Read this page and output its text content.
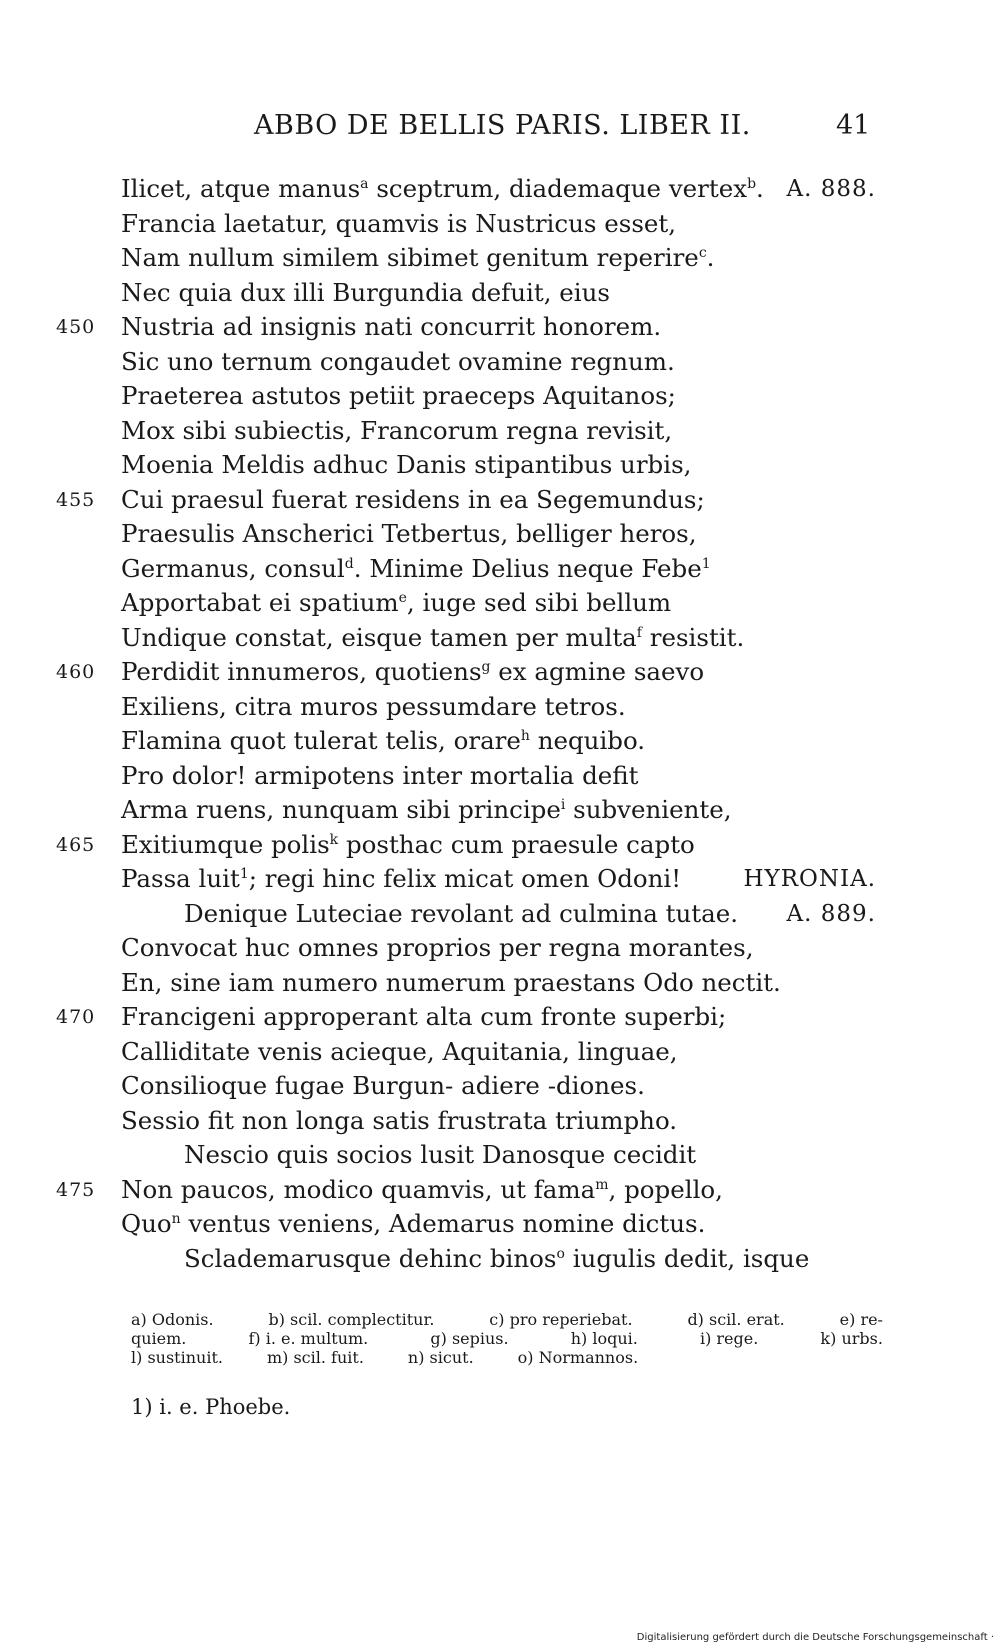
ABBO DE BELLIS PARIS. LIBER II.	41
Ilicet, atque manus$^a$ sceptrum, diademaque vertex$^b$. A. 888.
Francia laetatur, quamvis is Nustricus esset,
Nam nullum similem sibimet genitum reperire$^c$.
Nec quia dux illi Burgundia defuit, eius
450 Nustria ad insignis nati concurrit honorem.
Sic uno ternum congaudet ovamine regnum.
Praeterea astutos petiit praeceps Aquitanos;
Mox sibi subiectis, Francorum regna revisit,
Moenia Meldis adhuc Danis stipantibus urbis,
455 Cui praesul fuerat residens in ea Segemundus;
Praesulis Anscherici Tetbertus, belliger heros,
Germanus, consul$^d$. Minime Delius neque Febe$^1$
Apportabat ei spatium$^e$, iuge sed sibi bellum
Undique constat, eisque tamen per multa$^f$ resistit.
460 Perdidit innumeros, quotiens$^g$ ex agmine saevo
Exiliens, citra muros pessumdare tetros.
Flamina quot tulerat telis, orare$^h$ nequibo.
Pro dolor! armipotens inter mortalia defit
Arma ruens, nunquam sibi principe$^i$ subveniente,
465 Exitiumque polis$^k$ posthac cum praesule capto
Passa luit$^1$; regi hinc felix micat omen Odoni!	HYRONIA.
Denique Luteciae revolant ad culmina tutae. A. 889.
Convocat huc omnes proprios per regna morantes,
En, sine iam numero numerum praestans Odo nectit.
470 Francigeni approperant alta cum fronte superbi;
Calliditate venis acieque, Aquitania, linguae,
Consilioque fugae Burgun- adiere -diones.
Sessio fit non longa satis frustrata triumpho.
Nescio quis socios lusit Danosque cecidit
475 Non paucos, modico quamvis, ut fama$^m$, popello,
Quo$^n$ ventus veniens, Ademarus nomine dictus.
Sclademarusque dehinc binos$^o$ iugulis dedit, isque
a) Odonis.	b) scil. complectitur.	c) pro reperiebat.	d) scil. erat.	e) re-
quiem.	f) i. e. multum.	g) sepius.	h) loqui.	i) rege.	k) urbs.
l) sustinuit.	m) scil. fuit.	n) sicut.	o) Normannos.
1) i. e. Phoebe.
Digitalisierung gefördert durch die Deutsche Forschungsgemeinschaft ·
